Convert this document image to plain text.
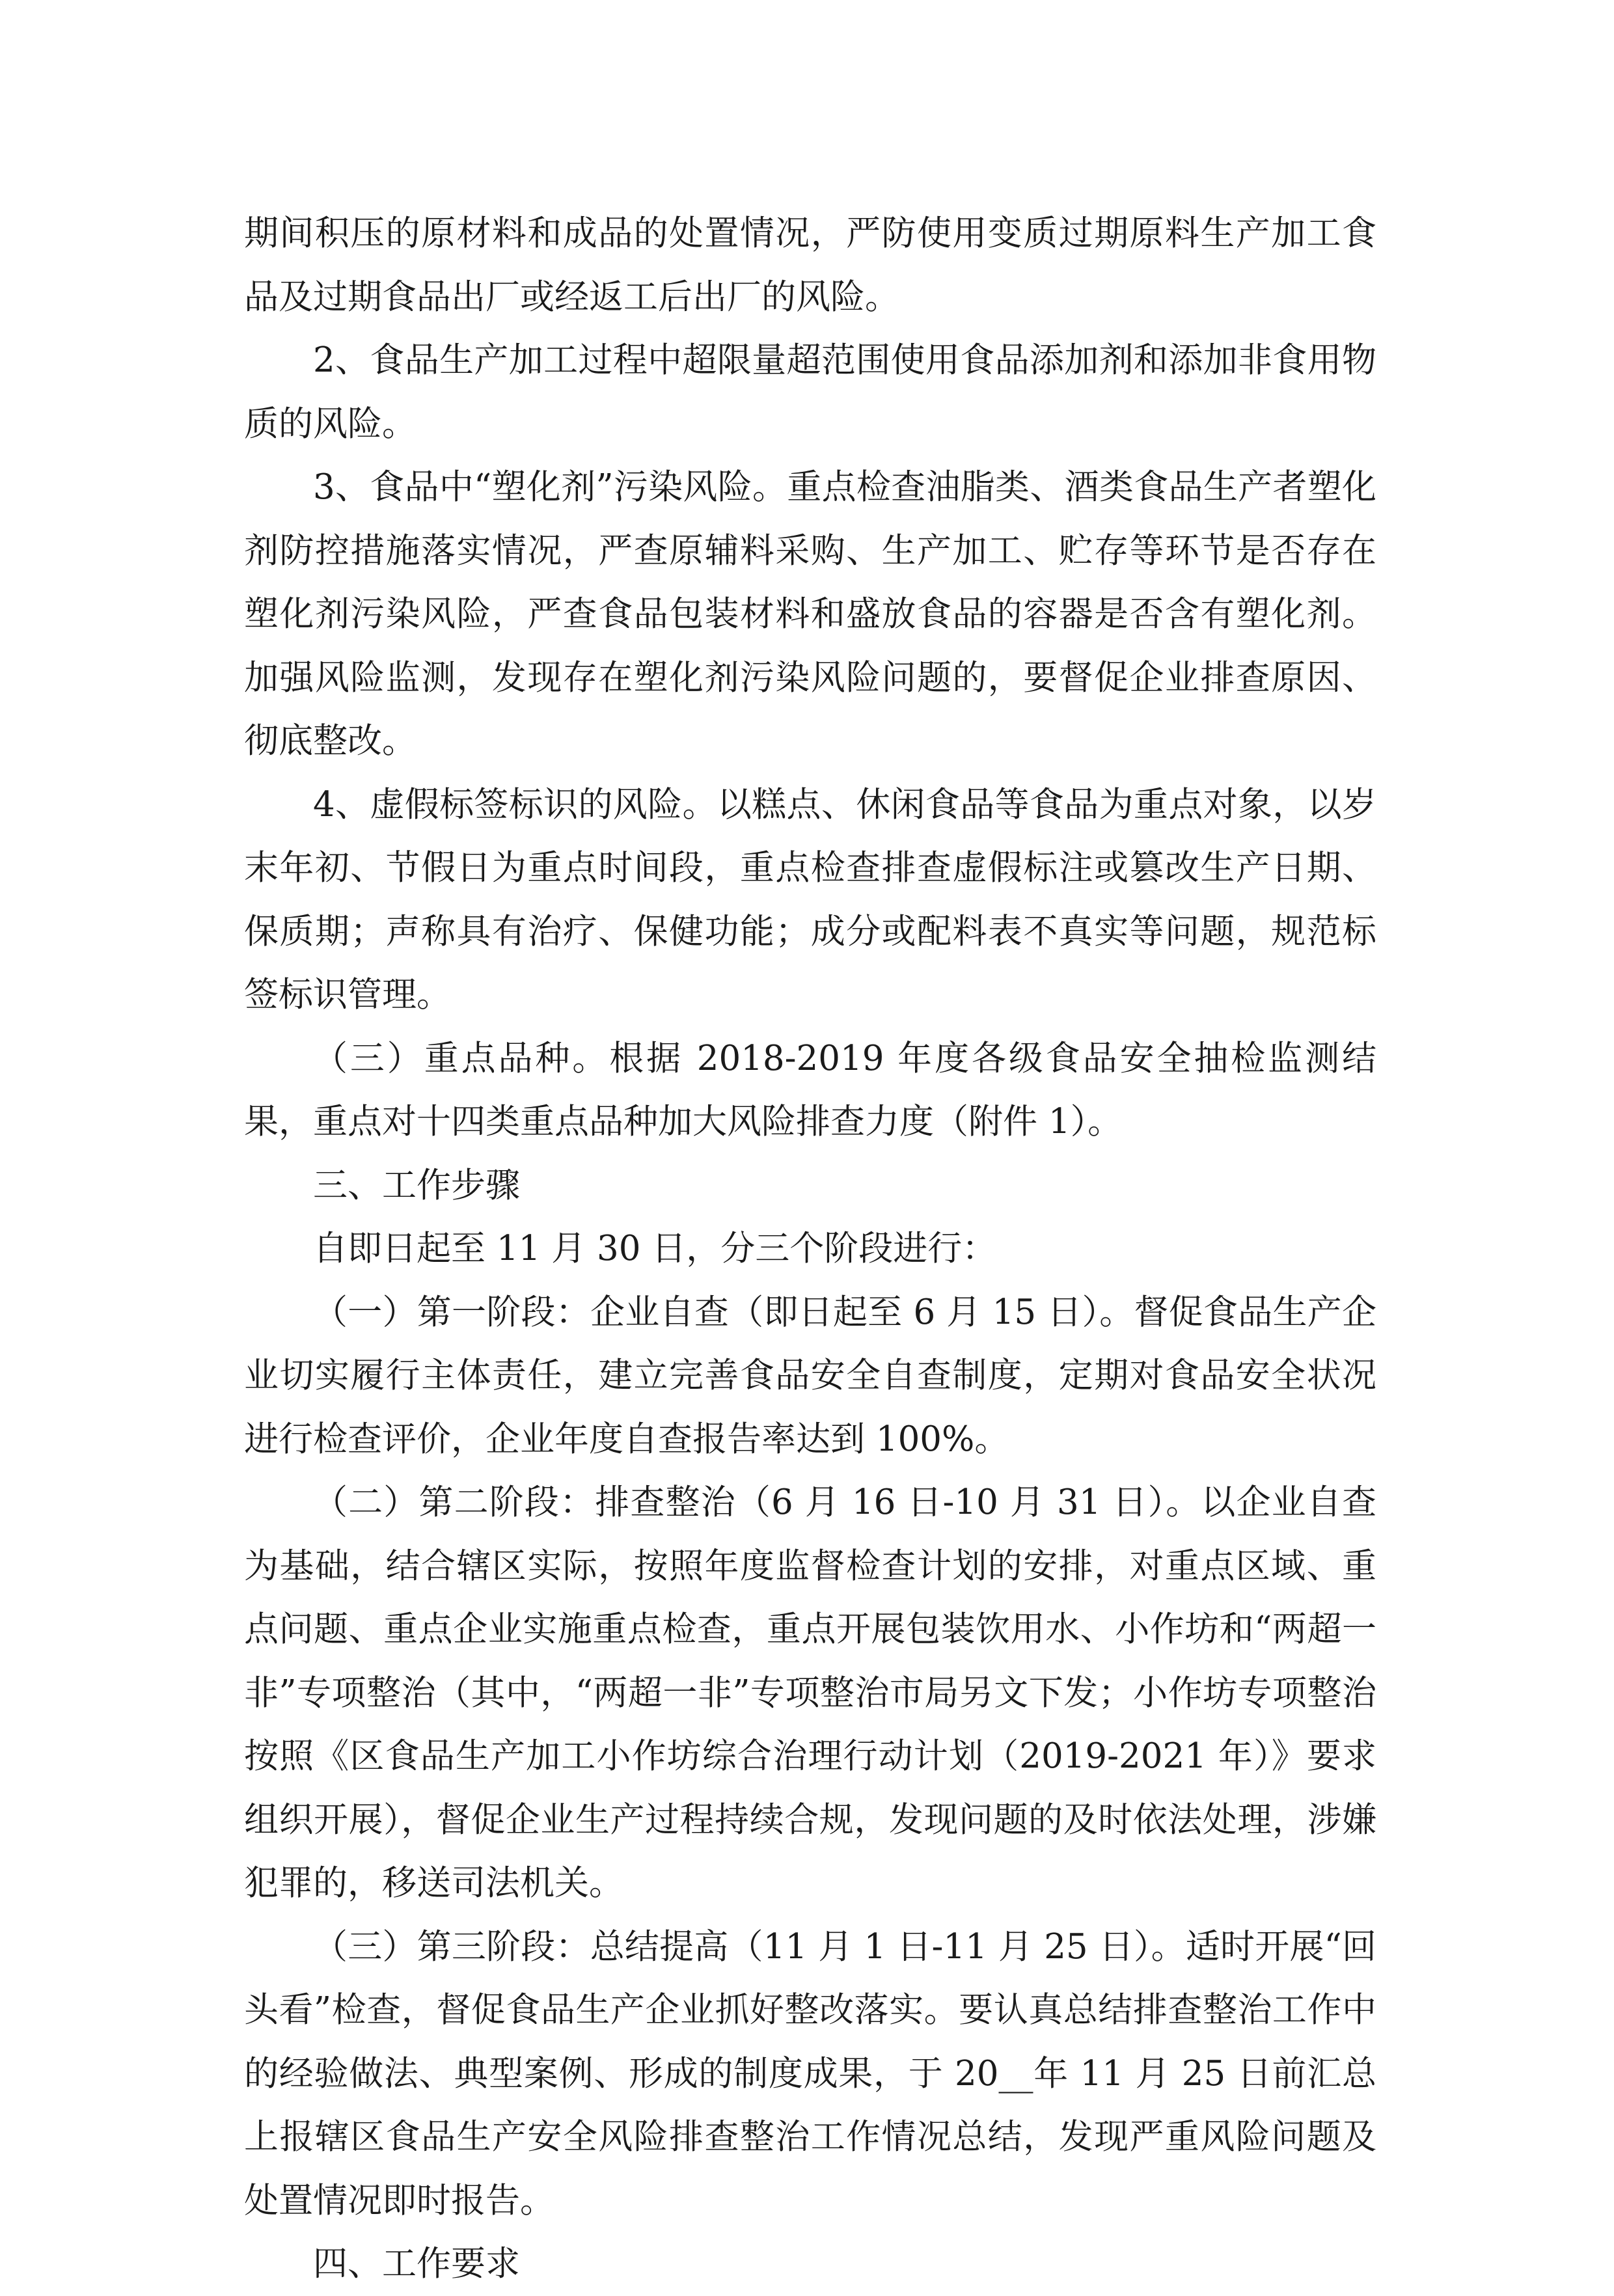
期间积压的原材料和成品的处置情况，严防使用变质过期原料生产加工食品及过期食品出厂或经返工后出厂的风险。

2、食品生产加工过程中超限量超范围使用食品添加剂和添加非食用物质的风险。

3、食品中“塑化剂”污染风险。重点检查油脂类、酒类食品生产者塑化剂防控措施落实情况，严查原辅料采购、生产加工、贮存等环节是否存在塑化剂污染风险，严查食品包装材料和盛放食品的容器是否含有塑化剂。加强风险监测，发现存在塑化剂污染风险问题的，要督促企业排查原因、彻底整改。

4、虚假标签标识的风险。以糕点、休闲食品等食品为重点对象，以岁末年初、节假日为重点时间段，重点检查排查虚假标注或篡改生产日期、保质期；声称具有治疗、保健功能；成分或配料表不真实等问题，规范标签标识管理。

（三）重点品种。根据 2018-2019 年度各级食品安全抽检监测结果，重点对十四类重点品种加大风险排查力度（附件 1）。

三、工作步骤

自即日起至 11 月 30 日，分三个阶段进行：

（一）第一阶段：企业自查（即日起至 6 月 15 日）。督促食品生产企业切实履行主体责任，建立完善食品安全自查制度，定期对食品安全状况进行检查评价，企业年度自查报告率达到 100%。

（二）第二阶段：排查整治（6 月 16 日-10 月 31 日）。以企业自查为基础，结合辖区实际，按照年度监督检查计划的安排，对重点区域、重点问题、重点企业实施重点检查，重点开展包装饮用水、小作坊和“两超一非”专项整治（其中，“两超一非”专项整治市局另文下发；小作坊专项整治按照《区食品生产加工小作坊综合治理行动计划（2019-2021 年）》要求组织开展），督促企业生产过程持续合规，发现问题的及时依法处理，涉嫌犯罪的，移送司法机关。

（三）第三阶段：总结提高（11 月 1 日-11 月 25 日）。适时开展“回头看”检查，督促食品生产企业抓好整改落实。要认真总结排查整治工作中的经验做法、典型案例、形成的制度成果，于 20__年 11 月 25 日前汇总上报辖区食品生产安全风险排查整治工作情况总结，发现严重风险问题及处置情况即时报告。

四、工作要求
